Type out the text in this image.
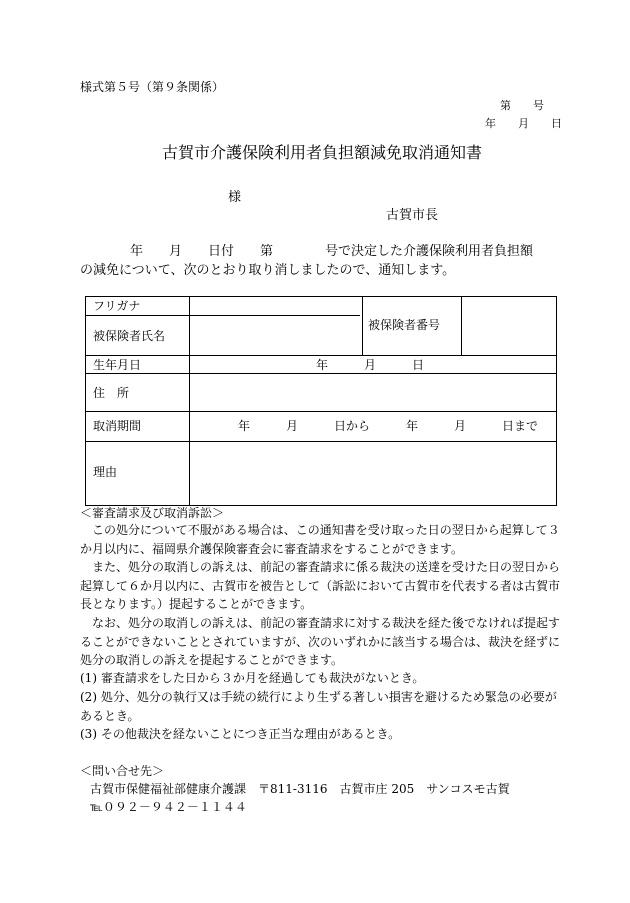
様式第５号（第９条関係）
第　　号
年　　月　　日
古賀市介護保険利用者負担額減免取消通知書
様
古賀市長
年　　月　　日付　　第　　　　号で決定した介護保険利用者負担額
の減免について、次のとおり取り消しましたので、通知します。
フリガナ
被保険者氏名
被保険者番号
生年月日	年　　　月　　　日
住　所
取消期間	年　　　月　　　日から　　　年　　　月　　　日まで
理由
＜審査請求及び取消訴訟＞
この処分について不服がある場合は、この通知書を受け取った日の翌日から起算して３
か月以内に、福岡県介護保険審査会に審査請求をすることができます。
また、処分の取消しの訴えは、前記の審査請求に係る裁決の送達を受けた日の翌日から
起算して６か月以内に、古賀市を被告として（訴訟において古賀市を代表する者は古賀市
長となります。）提起することができます。
なお、処分の取消しの訴えは、前記の審査請求に対する裁決を経た後でなければ提起す
ることができないこととされていますが、次のいずれかに該当する場合は、裁決を経ずに
処分の取消しの訴えを提起することができます。
(1) 審査請求をした日から３か月を経過しても裁決がないとき。
(2) 処分、処分の執行又は手続の続行により生ずる著しい損害を避けるため緊急の必要が
あるとき。
(3) その他裁決を経ないことにつき正当な理由があるとき。
＜問い合せ先＞
古賀市保健福祉部健康介護課　〒811-3116　古賀市庄 205　サンコスモ古賀
℡０９２－９４２－１１４４
